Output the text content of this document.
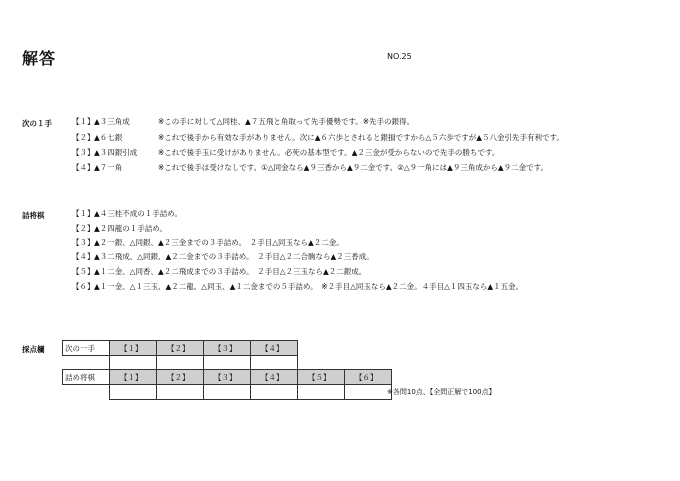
解答	NO.25
次の１手	【１】▲３三角成	※この手に対して△同桂、▲７五飛と角取って先手優勢です。※先手の銀得。
【２】▲６七銀	※これで後手から有効な手がありません。次に▲６六歩とされると銀損ですから△５六歩ですが▲５八金引先手有利です。
【３】▲３四銀引成	※これで後手玉に受けがありません。必死の基本型です。▲２三金が受からないので先手の勝ちです。
【４】▲７一角	※これで後手は受けなしです。①△同金なら▲９三香から▲９二金です。②△９一角には▲９三角成から▲９二金です。
詰将棋	【１】▲４三桂不成の１手詰め。
【２】▲２四龍の１手詰め。
【３】▲２一銀、△同銀、▲２三金までの３手詰め。　２手目△同玉なら▲２二金。
【４】▲３二飛成、△同銀、▲２二金までの３手詰め。　２手目△２二合駒なら▲２三香成。
【５】▲１二金、△同香、▲２二飛成までの３手詰め。　２手目△２三玉なら▲２二銀成。
【６】▲１一金、△１三玉、▲２二龍、△同玉、▲１二金までの５手詰め。　※２手目△同玉なら▲２二金。４手目△１四玉なら▲１五金。
採点欄	次の一手	【１】	【２】	【３】	【４】

詰め将棋	【１】	【２】	【３】	【４】	【５】	【６】

※各問10点、【全問正解で100点】
